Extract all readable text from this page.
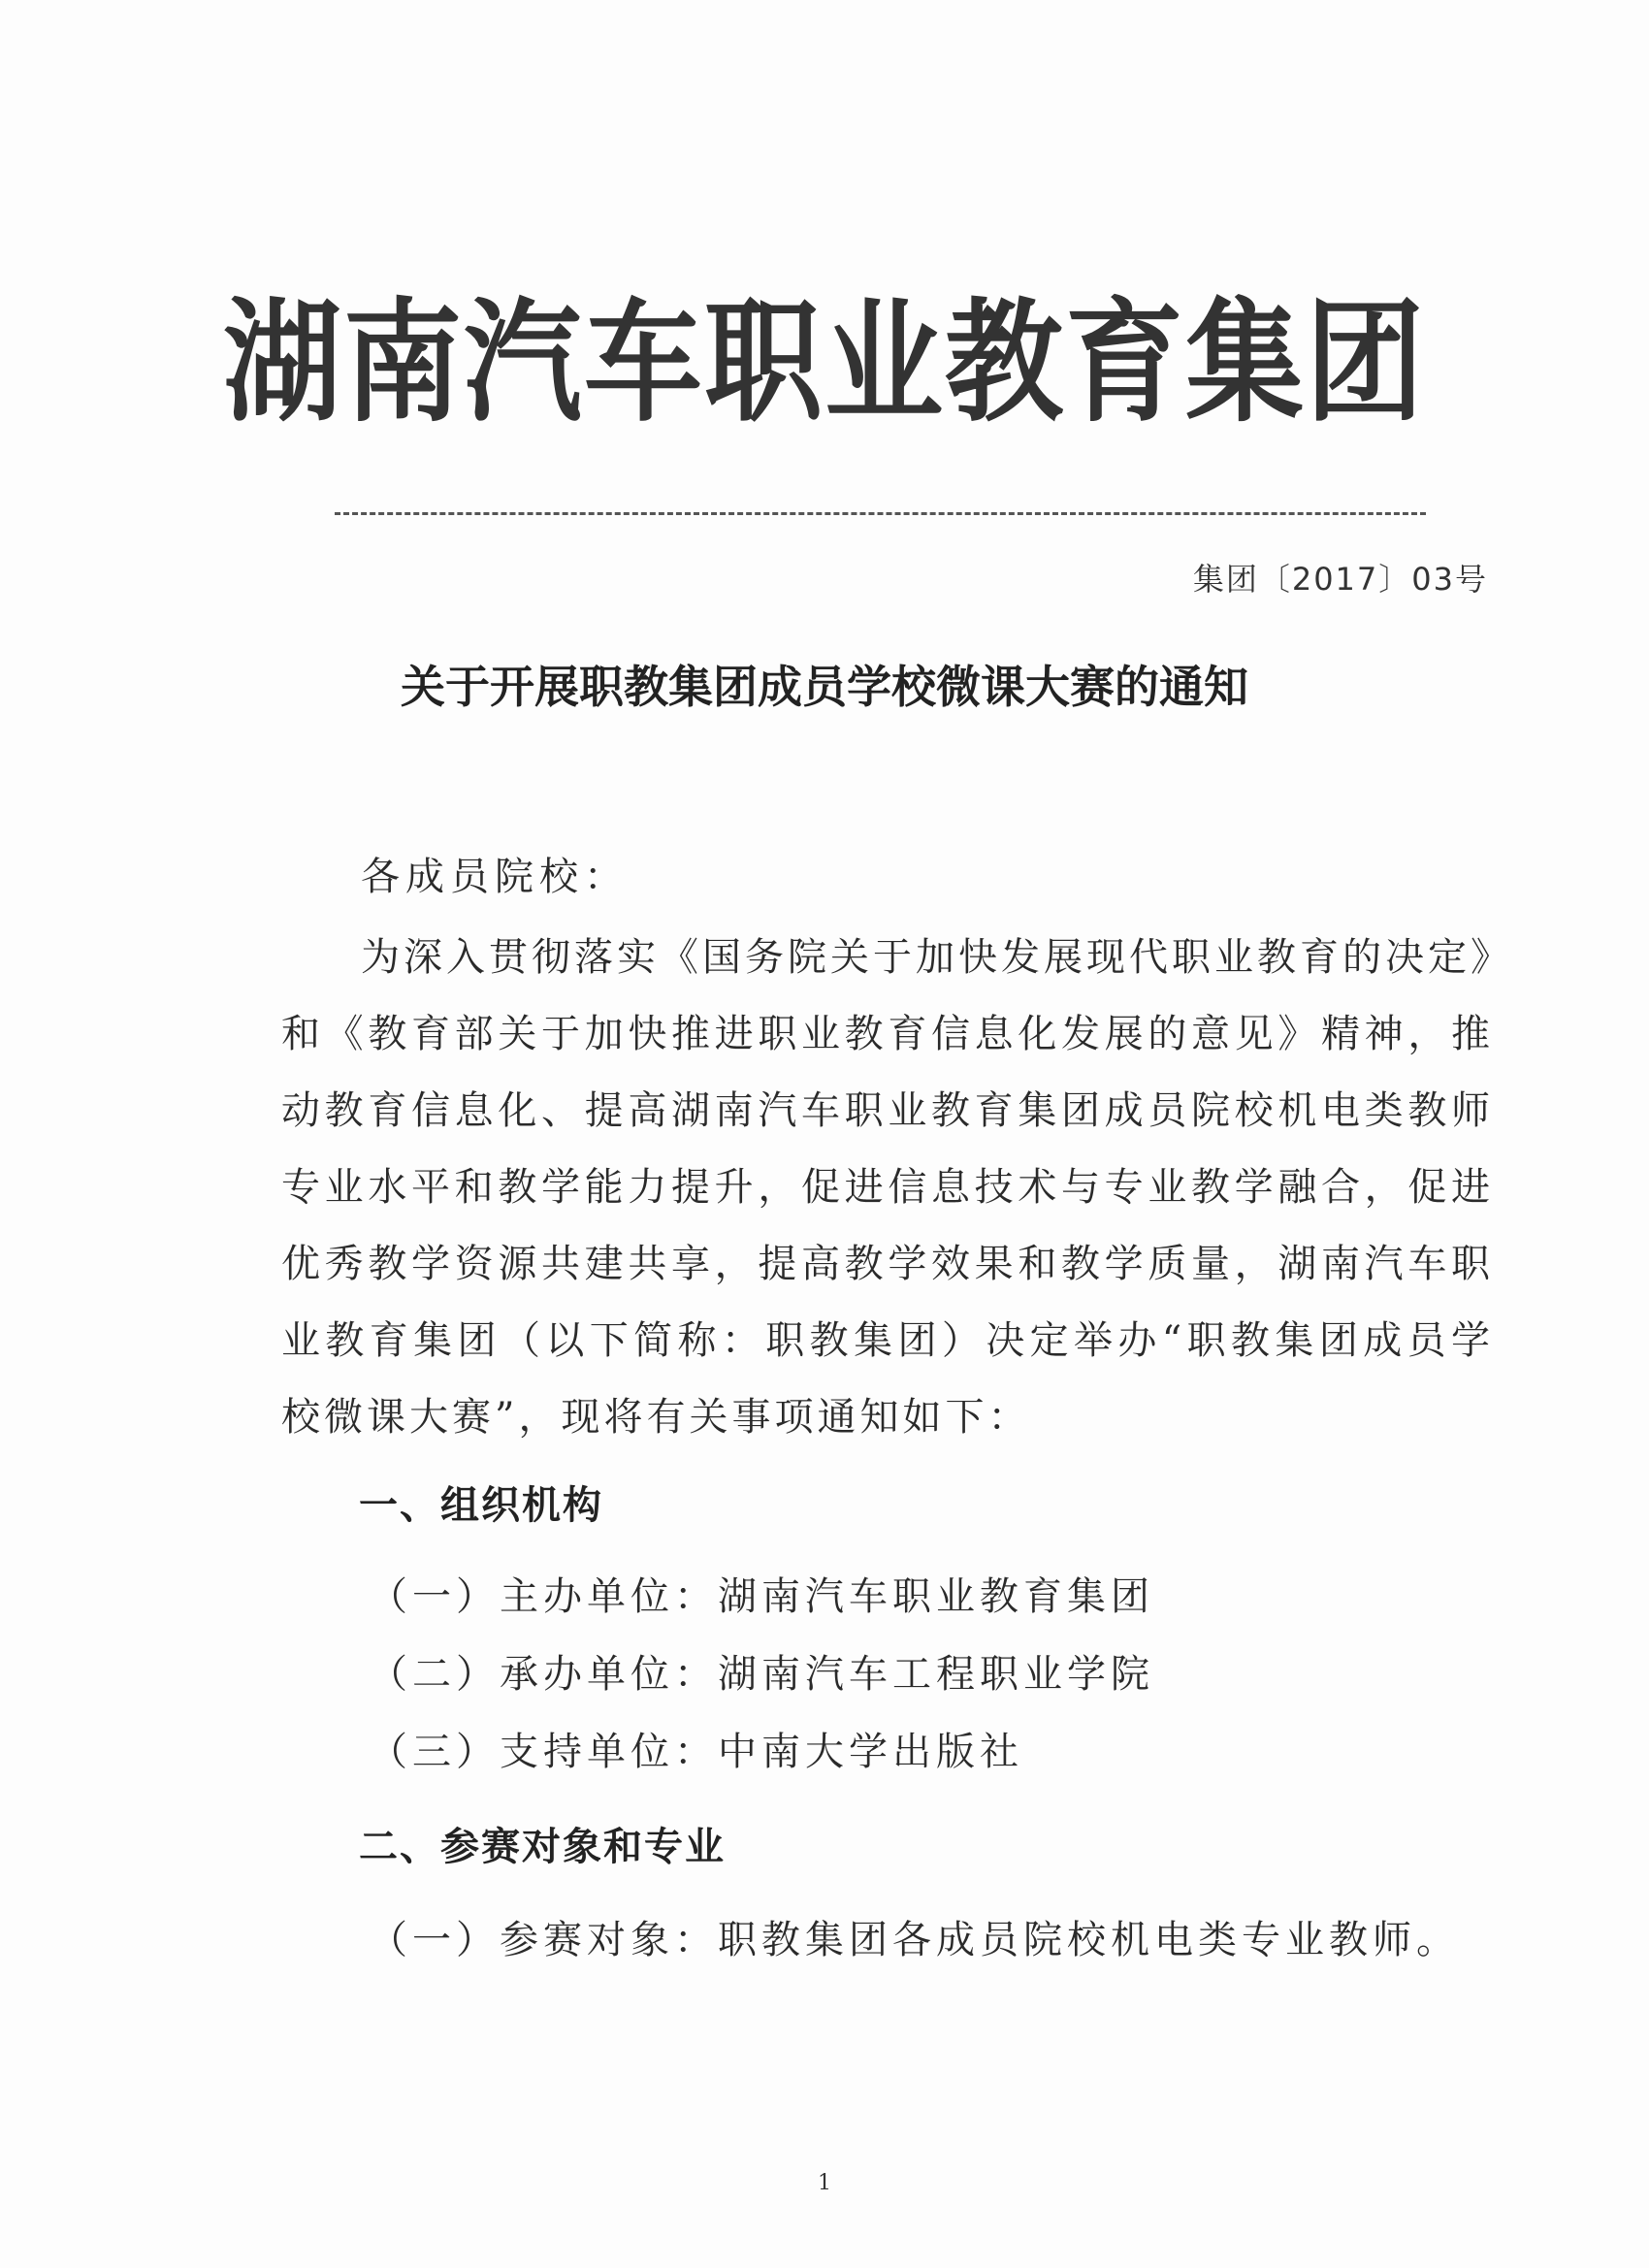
湖南汽车职业教育集团
集团〔2017〕03号
关于开展职教集团成员学校微课大赛的通知
各成员院校：
为深入贯彻落实《国务院关于加快发展现代职业教育的决定》和《教育部关于加快推进职业教育信息化发展的意见》精神，推动教育信息化、提高湖南汽车职业教育集团成员院校机电类教师专业水平和教学能力提升，促进信息技术与专业教学融合，促进优秀教学资源共建共享，提高教学效果和教学质量，湖南汽车职业教育集团（以下简称：职教集团）决定举办“职教集团成员学校微课大赛”，现将有关事项通知如下：
一、组织机构
（一）主办单位：湖南汽车职业教育集团
（二）承办单位：湖南汽车工程职业学院
（三）支持单位：中南大学出版社
二、参赛对象和专业
（一）参赛对象：职教集团各成员院校机电类专业教师。
1
